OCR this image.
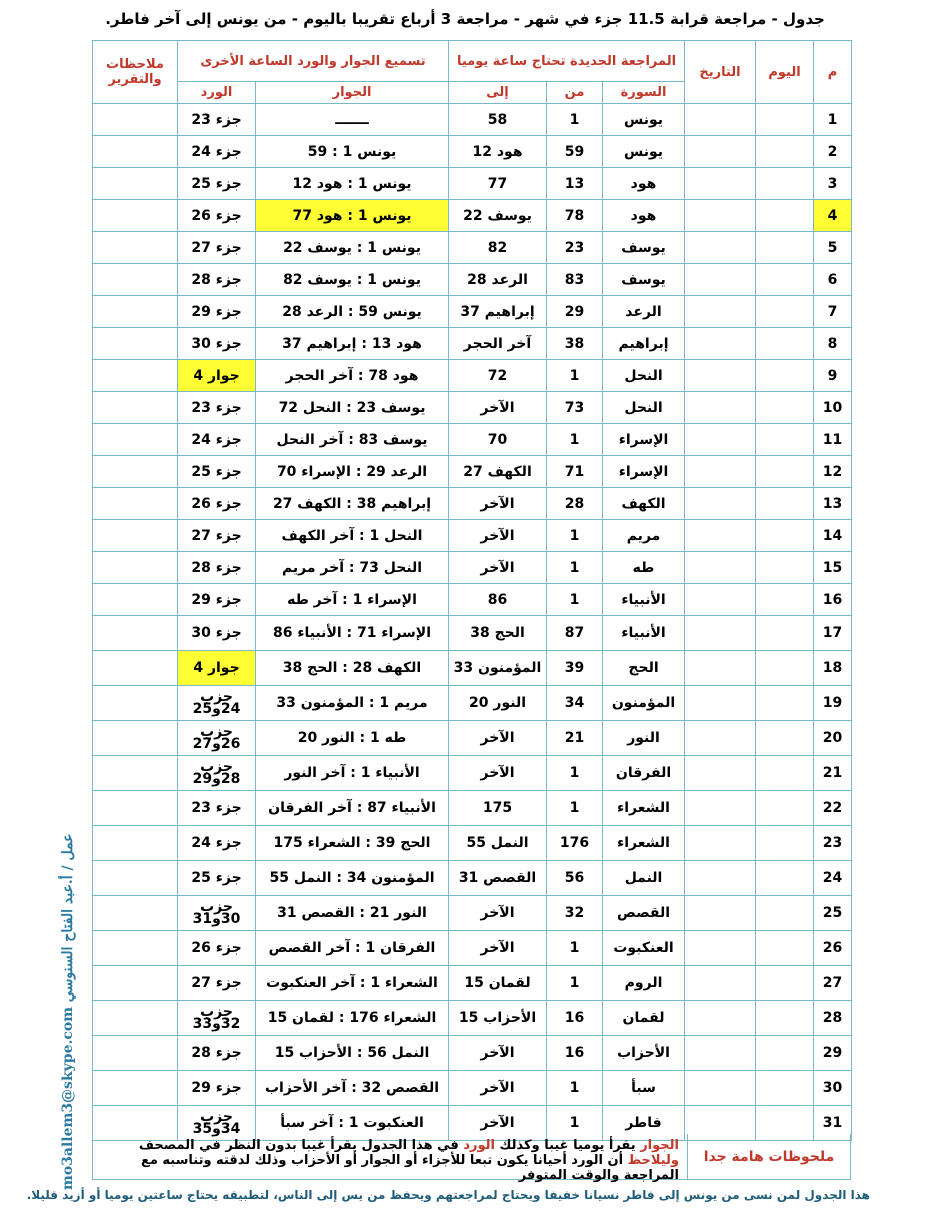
جدول - مراجعة قرابة 11.5 جزء في شهر - مراجعة 3 أرباع تقريبا باليوم - من يونس إلى آخر فاطر.
م	اليوم	التاريخ	المراجعة الجديدة تحتاج ساعة يوميا			تسميع الجوار والورد الساعة الأخرى		ملاحظات والتقرير
			السورة	من	إلى	الجوار	الورد	
1			يونس	1	58	ـــــــ	جزء 23	
2			يونس	59	هود 12	يونس 1 : 59	جزء 24	
3			هود	13	77	يونس 1 : هود 12	جزء 25	
4			هود	78	يوسف 22	يونس 1 : هود 77	جزء 26	
5			يوسف	23	82	يونس 1 : يوسف 22	جزء 27	
6			يوسف	83	الرعد 28	يونس 1 : يوسف 82	جزء 28	
7			الرعد	29	إبراهيم 37	يونس 59 : الرعد 28	جزء 29	
8			إبراهيم	38	آخر الحجر	هود 13 : إبراهيم 37	جزء 30	
9			النحل	1	72	هود 78 : آخر الحجر	جوار 4	
10			النحل	73	الآخر	يوسف 23 : النحل 72	جزء 23	
11			الإسراء	1	70	يوسف 83 : آخر النحل	جزء 24	
12			الإسراء	71	الكهف 27	الرعد 29 : الإسراء 70	جزء 25	
13			الكهف	28	الآخر	إبراهيم 38 : الكهف 27	جزء 26	
14			مريم	1	الآخر	النحل 1 : آخر الكهف	جزء 27	
15			طه	1	الآخر	النحل 73 : آخر مريم	جزء 28	
16			الأنبياء	1	86	الإسراء 1 : آخر طه	جزء 29	
17			الأنبياء	87	الحج 38	الإسراء 71 : الأنبياء 86	جزء 30	
18			الحج	39	المؤمنون 33	الكهف 28 : الحج 38	جوار 4	
19			المؤمنون	34	النور 20	مريم 1 : المؤمنون 33	حزب 24و25	
20			النور	21	الآخر	طه 1 : النور 20	حزب 26و27	
21			الفرقان	1	الآخر	الأنبياء 1 : آخر النور	حزب 28و29	
22			الشعراء	1	175	الأنبياء 87 : آخر الفرقان	جزء 23	
23			الشعراء	176	النمل 55	الحج 39 : الشعراء 175	جزء 24	
24			النمل	56	القصص 31	المؤمنون 34 : النمل 55	جزء 25	
25			القصص	32	الآخر	النور 21 : القصص 31	حزب 30و31	
26			العنكبوت	1	الآخر	الفرقان 1 : آخر القصص	جزء 26	
27			الروم	1	لقمان 15	الشعراء 1 : آخر العنكبوت	جزء 27	
28			لقمان	16	الأحزاب 15	الشعراء 176 : لقمان 15	حزب 32و33	
29			الأحزاب	16	الآخر	النمل 56 : الأحزاب 15	جزء 28	
30			سبأ	1	الآخر	القصص 32 : آخر الأحزاب	جزء 29	
31			فاطر	1	الآخر	العنكبوت 1 : آخر سبأ	حزب 34و35	
ملحوظات هامة جدا
الجوار يقرأ يوميا غيبا وكذلك الورد في هذا الجدول يقرأ غيبا بدون النظر في المصحف وليلاحظ أن الورد أحيانا يكون تبعا للأجزاء أو الجوار أو الأحزاب وذلك لدقته وتناسبه مع المراجعة والوقت المتوفر
هذا الجدول لمن نسى من يونس إلى فاطر نسيانا خفيفا ويحتاج لمراجعتهم ويحفظ من يس إلى الناس، لتطبيقه يحتاج ساعتين يوميا أو أزيد قليلا.
mo3allem3@skype.com عمل / أ.عبد الفتاح السنوسي
